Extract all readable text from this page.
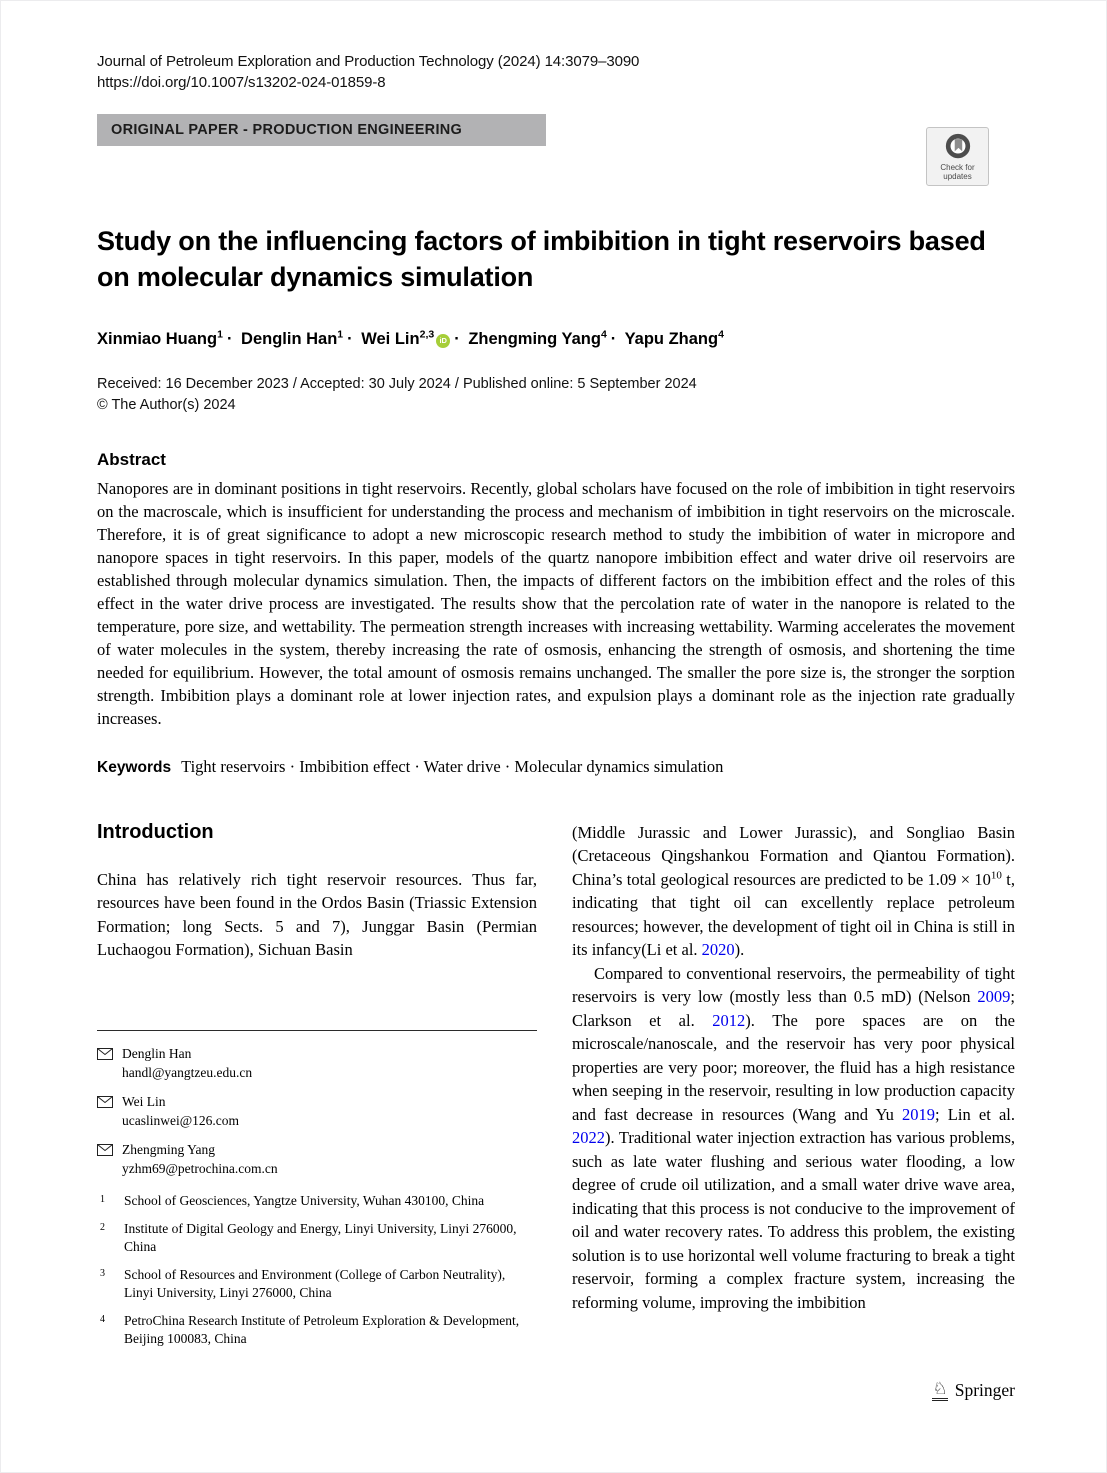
Journal of Petroleum Exploration and Production Technology (2024) 14:3079–3090
https://doi.org/10.1007/s13202-024-01859-8
ORIGINAL PAPER - PRODUCTION ENGINEERING
Check for
updates
Study on the influencing factors of imbibition in tight reservoirs based on molecular dynamics simulation
Xinmiao Huang$^1$ · Denglin Han$^1$ · Wei Lin$^{2,3}$ iD · Zhengming Yang$^4$ · Yapu Zhang$^4$
Received: 16 December 2023 / Accepted: 30 July 2024 / Published online: 5 September 2024
© The Author(s) 2024
Abstract
Nanopores are in dominant positions in tight reservoirs. Recently, global scholars have focused on the role of imbibition in tight reservoirs on the macroscale, which is insufficient for understanding the process and mechanism of imbibition in tight reservoirs on the microscale. Therefore, it is of great significance to adopt a new microscopic research method to study the imbibition of water in micropore and nanopore spaces in tight reservoirs. In this paper, models of the quartz nanopore imbibition effect and water drive oil reservoirs are established through molecular dynamics simulation. Then, the impacts of different factors on the imbibition effect and the roles of this effect in the water drive process are investigated. The results show that the percolation rate of water in the nanopore is related to the temperature, pore size, and wettability. The permeation strength increases with increasing wettability. Warming accelerates the movement of water molecules in the system, thereby increasing the rate of osmosis, enhancing the strength of osmosis, and shortening the time needed for equilibrium. However, the total amount of osmosis remains unchanged. The smaller the pore size is, the stronger the sorption strength. Imbibition plays a dominant role at lower injection rates, and expulsion plays a dominant role as the injection rate gradually increases.
Keywords Tight reservoirs · Imbibition effect · Water drive · Molecular dynamics simulation
Introduction

China has relatively rich tight reservoir resources. Thus far, resources have been found in the Ordos Basin (Triassic Extension Formation; long Sects. 5 and 7), Junggar Basin (Permian Luchaogou Formation), Sichuan Basin

Denglin Han
handl@yangtzeu.edu.cn
Wei Lin
ucaslinwei@126.com
Zhengming Yang
yzhm69@petrochina.com.cn
1 School of Geosciences, Yangtze University, Wuhan 430100, China
2 Institute of Digital Geology and Energy, Linyi University, Linyi 276000, China
3 School of Resources and Environment (College of Carbon Neutrality), Linyi University, Linyi 276000, China
4 PetroChina Research Institute of Petroleum Exploration & Development, Beijing 100083, China

(Middle Jurassic and Lower Jurassic), and Songliao Basin (Cretaceous Qingshankou Formation and Qiantou Formation). China’s total geological resources are predicted to be $1.09 \times 10^{10}$ t, indicating that tight oil can excellently replace petroleum resources; however, the development of tight oil in China is still in its infancy(Li et al. 2020).

Compared to conventional reservoirs, the permeability of tight reservoirs is very low (mostly less than 0.5 mD) (Nelson 2009; Clarkson et al. 2012). The pore spaces are on the microscale/nanoscale, and the reservoir has very poor physical properties are very poor; moreover, the fluid has a high resistance when seeping in the reservoir, resulting in low production capacity and fast decrease in resources (Wang and Yu 2019; Lin et al. 2022). Traditional water injection extraction has various problems, such as late water flushing and serious water flooding, a low degree of crude oil utilization, and a small water drive wave area, indicating that this process is not conducive to the improvement of oil and water recovery rates. To address this problem, the existing solution is to use horizontal well volume fracturing to break a tight reservoir, forming a complex fracture system, increasing the reforming volume, improving the imbibition

♘ Springer
